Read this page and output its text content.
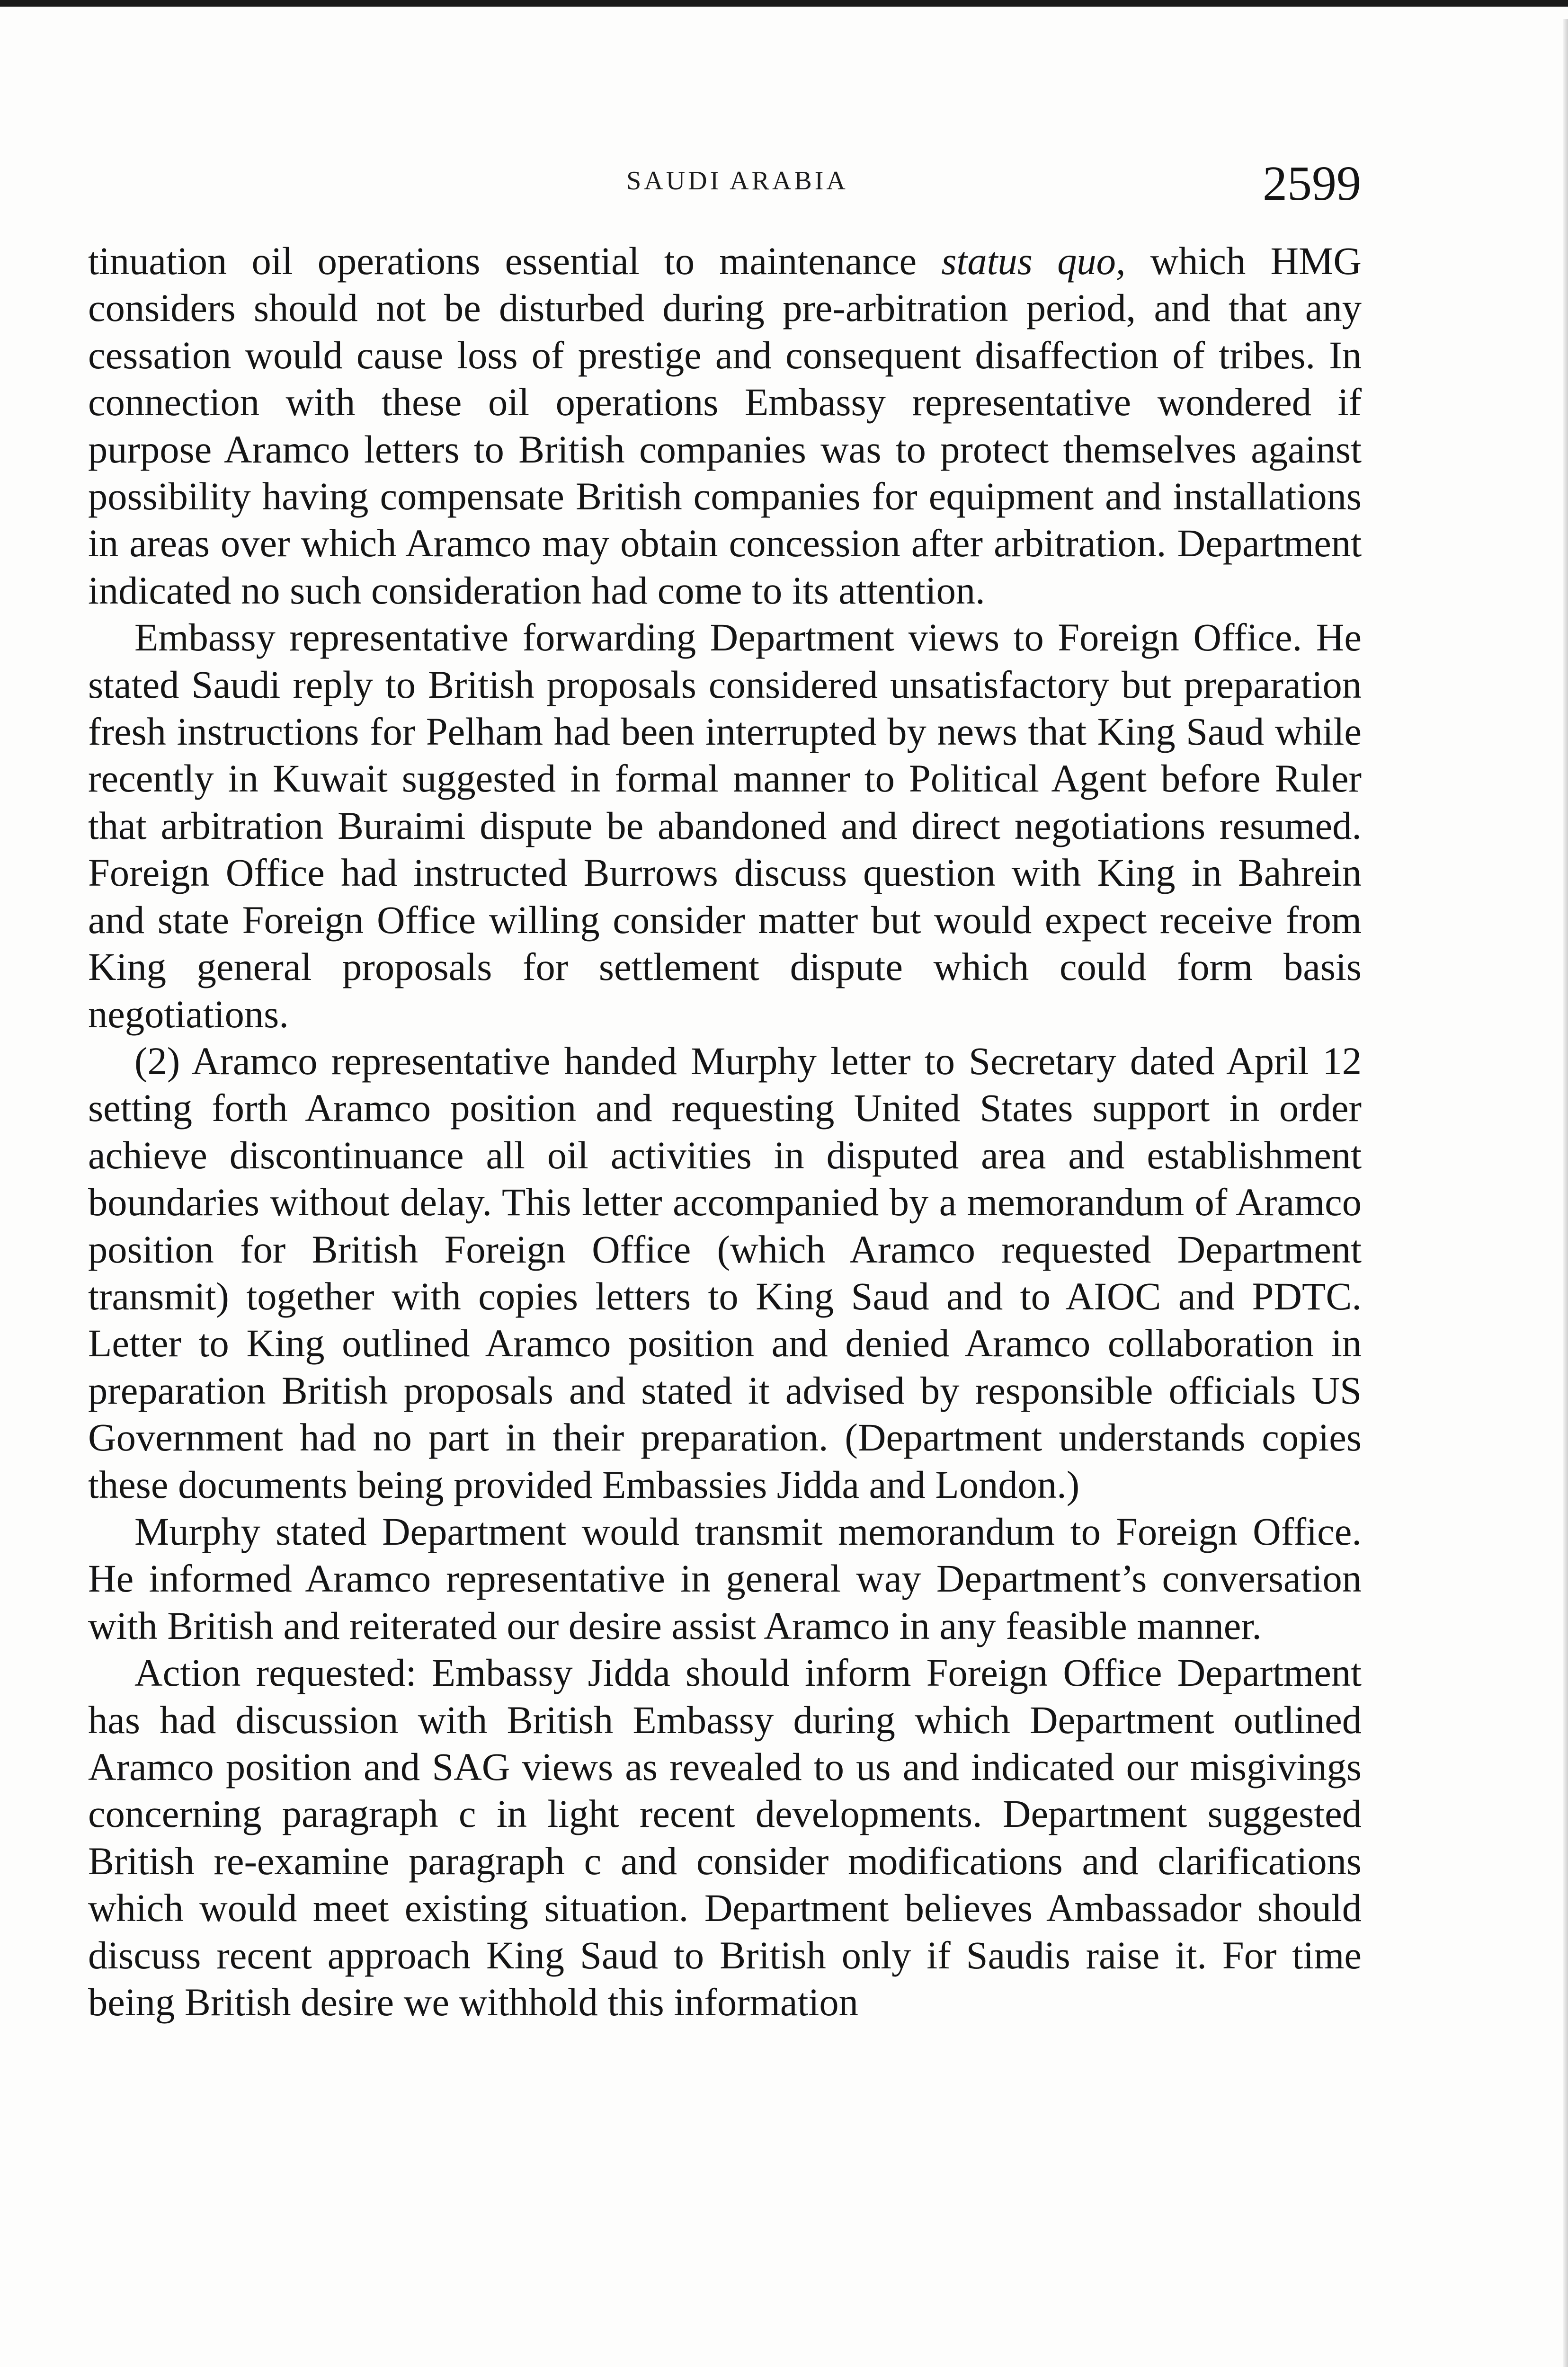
SAUDI ARABIA	2599

tinuation oil operations essential to maintenance status quo, which HMG considers should not be disturbed during pre-arbitration period, and that any cessation would cause loss of prestige and consequent disaffection of tribes. In connection with these oil operations Embassy representative wondered if purpose Aramco letters to British companies was to protect themselves against possibility having compensate British companies for equipment and installations in areas over which Aramco may obtain concession after arbitration. Department indicated no such consideration had come to its attention.

Embassy representative forwarding Department views to Foreign Office. He stated Saudi reply to British proposals considered unsatisfactory but preparation fresh instructions for Pelham had been interrupted by news that King Saud while recently in Kuwait suggested in formal manner to Political Agent before Ruler that arbitration Buraimi dispute be abandoned and direct negotiations resumed. Foreign Office had instructed Burrows discuss question with King in Bahrein and state Foreign Office willing consider matter but would expect receive from King general proposals for settlement dispute which could form basis negotiations.

(2) Aramco representative handed Murphy letter to Secretary dated April 12 setting forth Aramco position and requesting United States support in order achieve discontinuance all oil activities in disputed area and establishment boundaries without delay. This letter accompanied by a memorandum of Aramco position for British Foreign Office (which Aramco requested Department transmit) together with copies letters to King Saud and to AIOC and PDTC. Letter to King outlined Aramco position and denied Aramco collaboration in preparation British proposals and stated it advised by responsible officials US Government had no part in their preparation. (Department understands copies these documents being provided Embassies Jidda and London.)

Murphy stated Department would transmit memorandum to Foreign Office. He informed Aramco representative in general way Department’s conversation with British and reiterated our desire assist Aramco in any feasible manner.

Action requested: Embassy Jidda should inform Foreign Office Department has had discussion with British Embassy during which Department outlined Aramco position and SAG views as revealed to us and indicated our misgivings concerning paragraph c in light recent developments. Department suggested British re-examine paragraph c and consider modifications and clarifications which would meet existing situation. Department believes Ambassador should discuss recent approach King Saud to British only if Saudis raise it. For time being British desire we withhold this information
